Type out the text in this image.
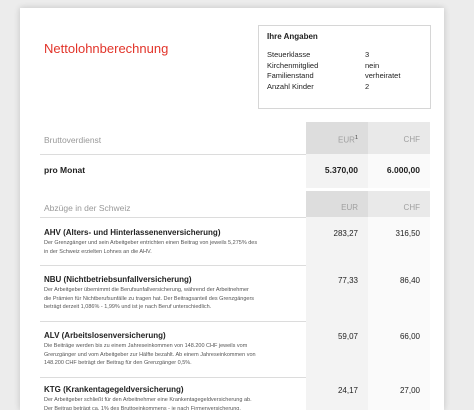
Nettolohnberechnung
Ihre Angaben
Steuerklasse	3
Kirchenmitglied	nein
Familienstand	verheiratet
Anzahl Kinder	2
Bruttoverdienst	EUR$^1$	CHF
pro Monat	5.370,00	6.000,00
Abzüge in der Schweiz	EUR	CHF
AHV (Alters- und Hinterlassenenversicherung)
Der Grenzgänger und sein Arbeitgeber entrichten einen Beitrag von jeweils 5,275% des
in der Schweiz erzielten Lohnes an die AHV.
283,27	316,50
NBU (Nichtbetriebsunfallversicherung)
Der Arbeitgeber übernimmt die Berufsunfallversicherung, während der Arbeitnehmer
die Prämien für Nichtberufsunfälle zu tragen hat. Der Beitragsanteil des Grenzgängers
beträgt derzeit 1,086% - 1,99% und ist je nach Beruf unterschiedlich.
77,33	86,40
ALV (Arbeitslosenversicherung)
Die Beiträge werden bis zu einem Jahreseinkommen von 148.200 CHF jeweils vom
Grenzgänger und vom Arbeitgeber zur Hälfte bezahlt. Ab einem Jahreseinkommen von
148.200 CHF beträgt der Beitrag für den Grenzgänger 0,5%.
59,07	66,00
KTG (Krankentagegeldversicherung)
Der Arbeitgeber schließt für den Arbeitnehmer eine Krankentagegeldversicherung ab.
Der Beitrag beträgt ca. 1% des Bruttoeinkommens - je nach Firmenversicherung.
24,17	27,00
